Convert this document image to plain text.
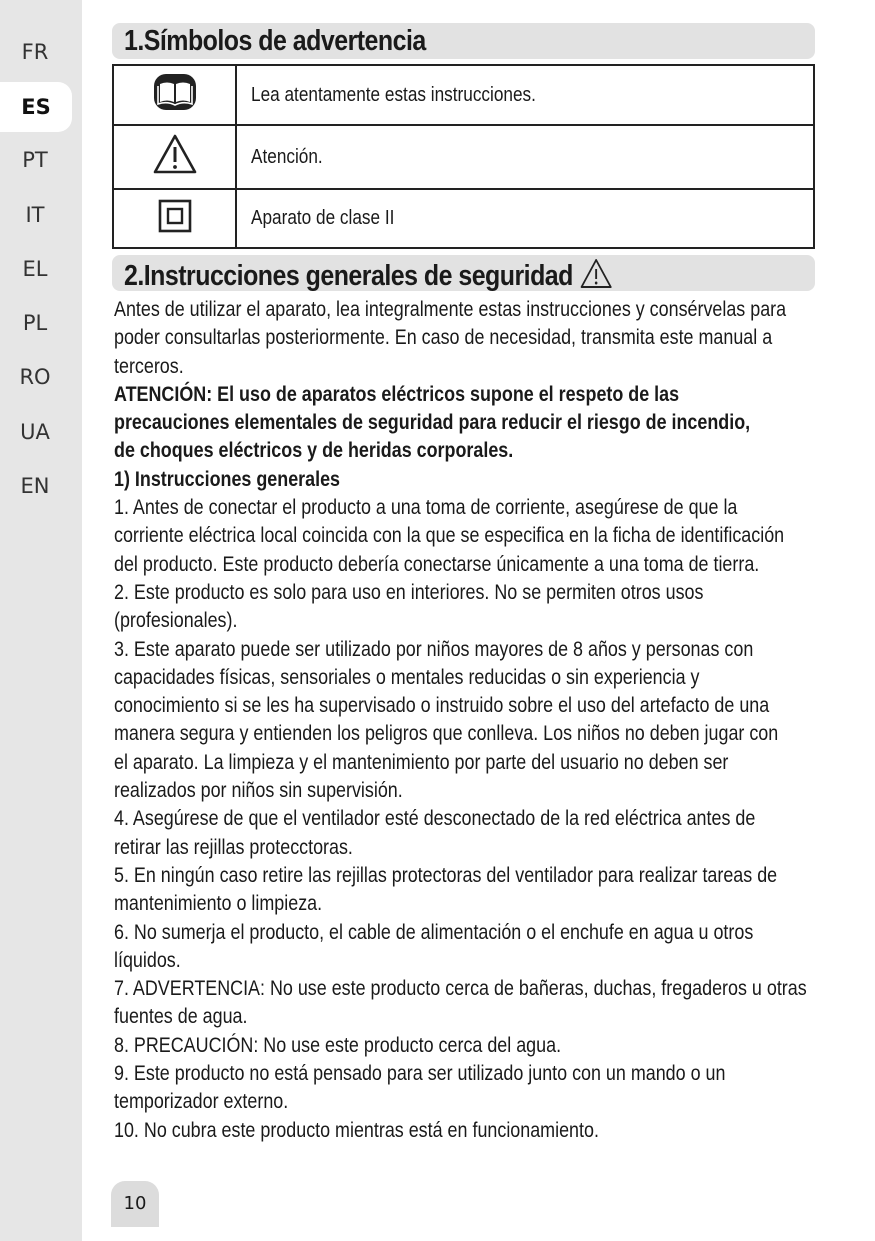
FR
ES
PT
IT
EL
PL
RO
UA
EN
1.Símbolos de advertencia
	Lea atentamente estas instrucciones.
	Atención.
	Aparato de clase II
2.Instrucciones generales de seguridad

Antes de utilizar el aparato, lea integralmente estas instrucciones y consérvelas para

poder consultarlas posteriormente. En caso de necesidad, transmita este manual a

terceros.

ATENCIÓN: El uso de aparatos eléctricos supone el respeto de las

precauciones elementales de seguridad para reducir el riesgo de incendio,

de choques eléctricos y de heridas corporales.

1) Instrucciones generales

1. Antes de conectar el producto a una toma de corriente, asegúrese de que la

corriente eléctrica local coincida con la que se especifica en la ficha de identificación

del producto. Este producto debería conectarse únicamente a una toma de tierra.

2. Este producto es solo para uso en interiores. No se permiten otros usos

(profesionales).

3. Este aparato puede ser utilizado por niños mayores de 8 años y personas con

capacidades físicas, sensoriales o mentales reducidas o sin experiencia y

conocimiento si se les ha supervisado o instruido sobre el uso del artefacto de una

manera segura y entienden los peligros que conlleva. Los niños no deben jugar con

el aparato. La limpieza y el mantenimiento por parte del usuario no deben ser

realizados por niños sin supervisión.

4. Asegúrese de que el ventilador esté desconectado de la red eléctrica antes de

retirar las rejillas protecctoras.

5. En ningún caso retire las rejillas protectoras del ventilador para realizar tareas de

mantenimiento o limpieza.

6. No sumerja el producto, el cable de alimentación o el enchufe en agua u otros

líquidos.

7. ADVERTENCIA: No use este producto cerca de bañeras, duchas, fregaderos u otras

fuentes de agua.

8. PRECAUCIÓN: No use este producto cerca del agua.

9. Este producto no está pensado para ser utilizado junto con un mando o un

temporizador externo.

10. No cubra este producto mientras está en funcionamiento.

10
